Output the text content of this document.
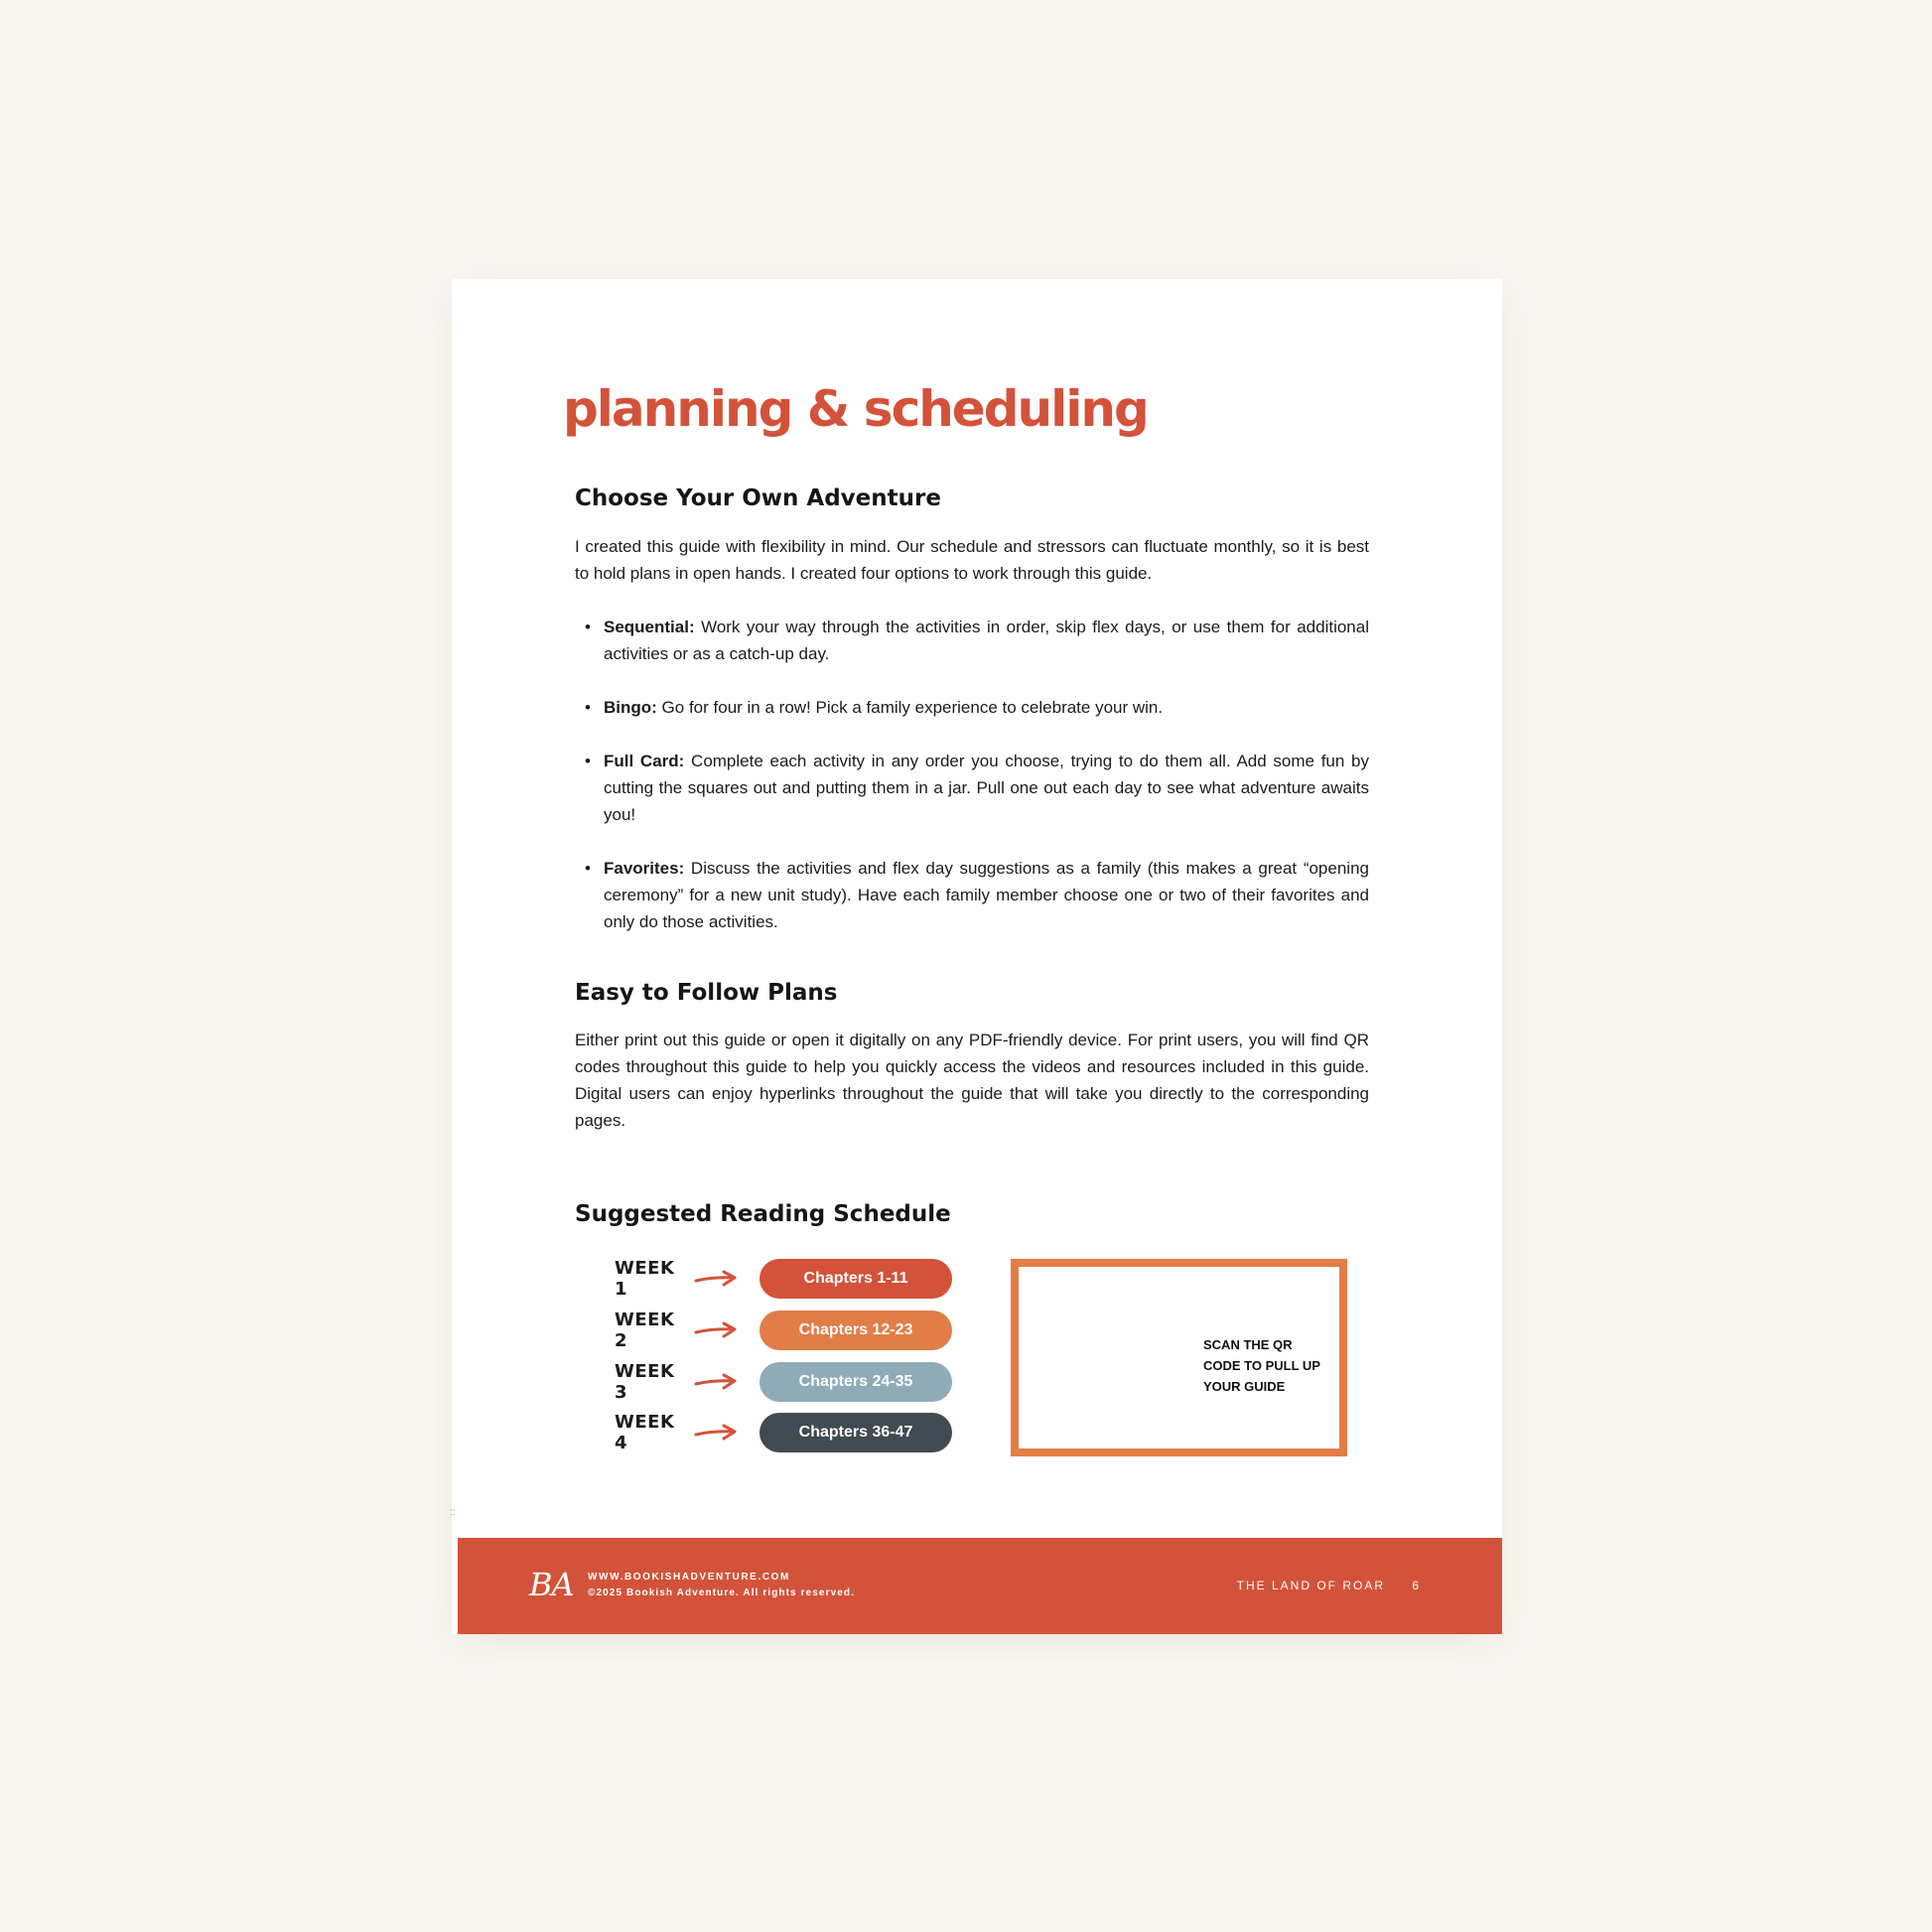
planning & scheduling
Choose Your Own Adventure

I created this guide with flexibility in mind. Our schedule and stressors can fluctuate monthly, so it is best to hold plans in open hands. I created four options to work through this guide.

• Sequential: Work your way through the activities in order, skip flex days, or use them for additional activities or as a catch-up day.
• Bingo: Go for four in a row! Pick a family experience to celebrate your win.
• Full Card: Complete each activity in any order you choose, trying to do them all. Add some fun by cutting the squares out and putting them in a jar. Pull one out each day to see what adventure awaits you!
• Favorites: Discuss the activities and flex day suggestions as a family (this makes a great “opening ceremony” for a new unit study). Have each family member choose one or two of their favorites and only do those activities.
Easy to Follow Plans

Either print out this guide or open it digitally on any PDF-friendly device. For print users, you will find QR codes throughout this guide to help you quickly access the videos and resources included in this guide. Digital users can enjoy hyperlinks throughout the guide that will take you directly to the corresponding pages.

Suggested Reading Schedule
WEEK 1
Chapters 1-11
WEEK 2
Chapters 12-23
WEEK 3
Chapters 24-35
WEEK 4
Chapters 36-47

SCAN THE QR CODE TO PULL UP YOUR GUIDE

::
BA WWW.BOOKISHADVENTURE.COM
©2025 Bookish Adventure. All rights reserved.
THE LAND OF ROAR 6
